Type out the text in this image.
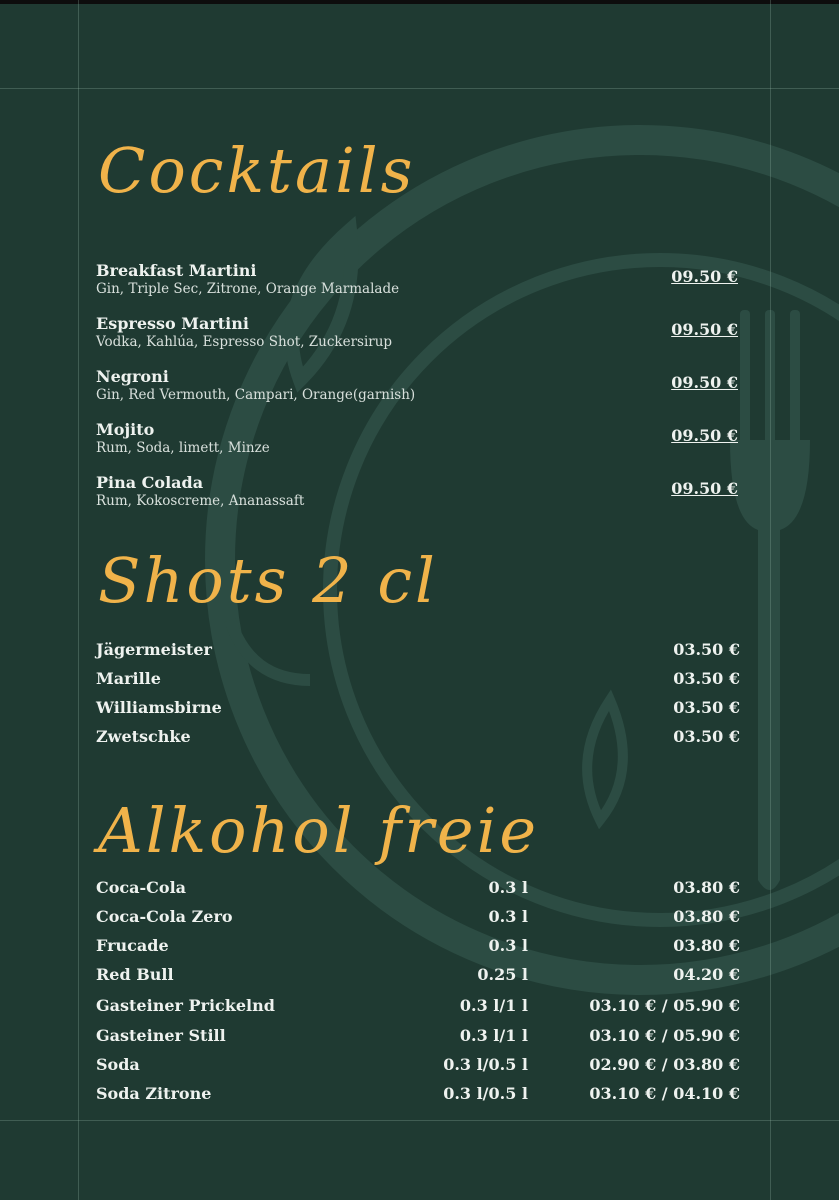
Cocktails
Breakfast Martini
Gin, Triple Sec, Zitrone, Orange Marmalade
09.50 €
Espresso Martini
Vodka, Kahlúa, Espresso Shot, Zuckersirup
09.50 €
Negroni
Gin, Red Vermouth, Campari, Orange(garnish)
09.50 €
Mojito
Rum, Soda, limett, Minze
09.50 €
Pina Colada
Rum, Kokoscreme, Ananassaft
09.50 €
Shots 2 cl
Jägermeister	03.50 €
Marille	03.50 €
Williamsbirne	03.50 €
Zwetschke	03.50 €
Alkohol freie
Coca-Cola	0.3 l	03.80 €
Coca-Cola Zero	0.3 l	03.80 €
Frucade	0.3 l	03.80 €
Red Bull	0.25 l	04.20 €
Gasteiner Prickelnd	0.3 l/1 l	03.10 € / 05.90 €
Gasteiner Still	0.3 l/1 l	03.10 € / 05.90 €
Soda	0.3 l/0.5 l	02.90 € / 03.80 €
Soda Zitrone	0.3 l/0.5 l	03.10 € / 04.10 €
